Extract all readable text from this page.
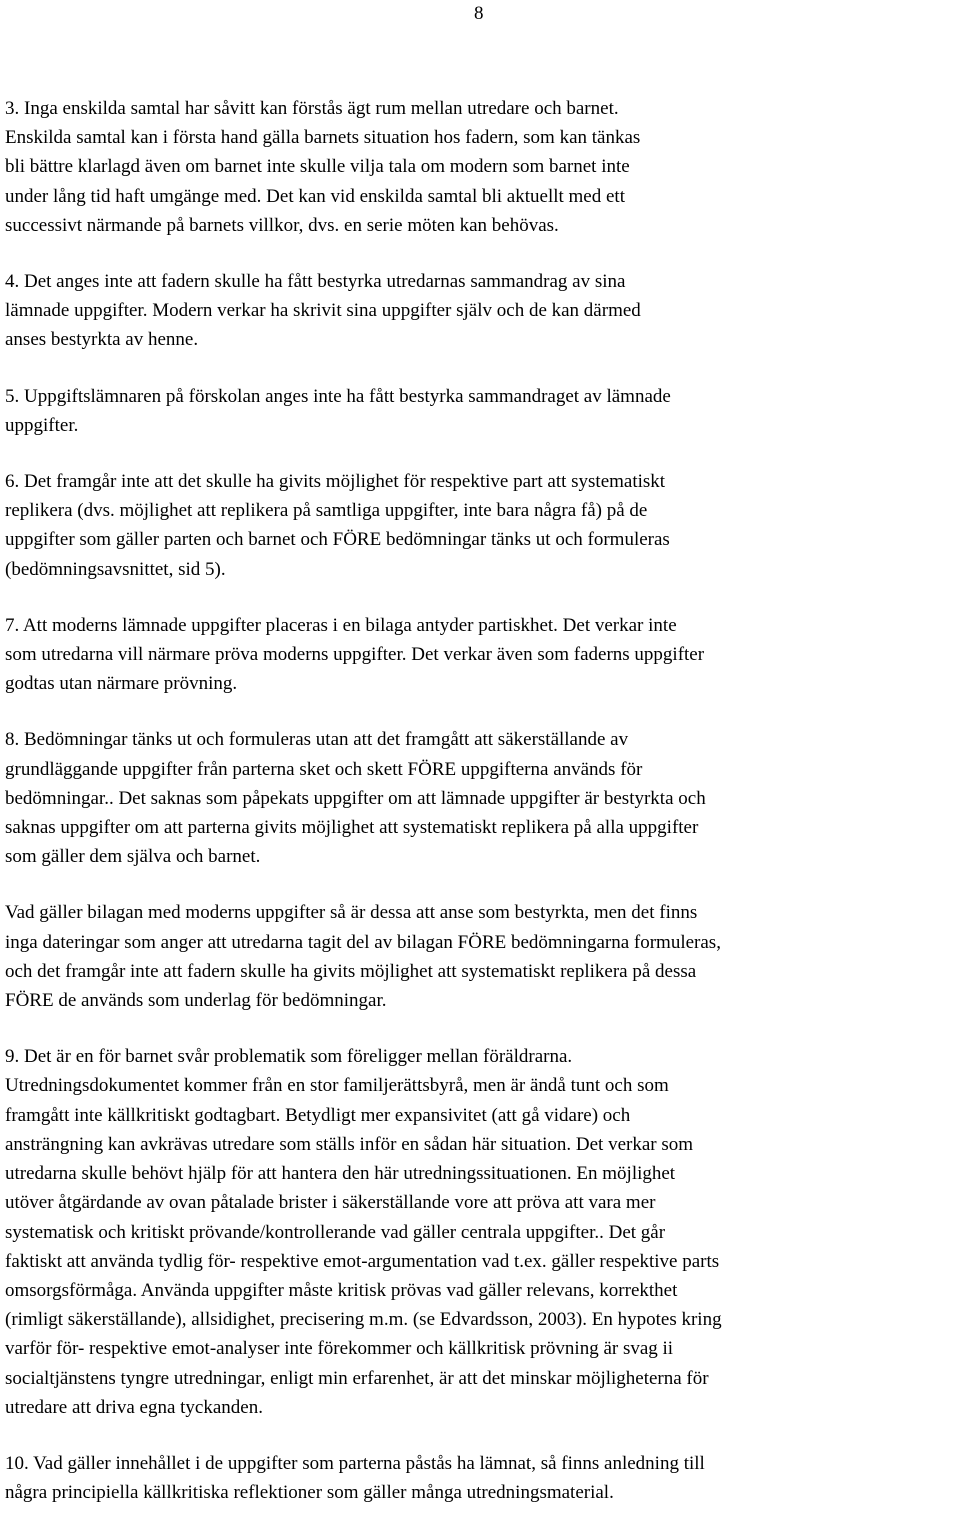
8

3. Inga enskilda samtal har såvitt kan förstås ägt rum mellan utredare och barnet.
Enskilda samtal kan i första hand gälla barnets situation hos fadern, som kan tänkas
bli bättre klarlagd även om barnet inte skulle vilja tala om modern som barnet inte
under lång tid haft umgänge med. Det kan vid enskilda samtal bli aktuellt med ett
successivt närmande på barnets villkor, dvs. en serie möten kan behövas.

4. Det anges inte att fadern skulle ha fått bestyrka utredarnas sammandrag av sina
lämnade uppgifter. Modern verkar ha skrivit sina uppgifter själv och de kan därmed
anses bestyrkta av henne.

5. Uppgiftslämnaren på förskolan anges inte ha fått bestyrka sammandraget av lämnade
uppgifter.

6. Det framgår inte att det skulle ha givits möjlighet för respektive part att systematiskt
replikera (dvs. möjlighet att replikera på samtliga uppgifter, inte bara några få) på de
uppgifter som gäller parten och barnet och FÖRE bedömningar tänks ut och formuleras
(bedömningsavsnittet, sid 5).

7. Att moderns lämnade uppgifter placeras i en bilaga antyder partiskhet. Det verkar inte
som utredarna vill närmare pröva moderns uppgifter. Det verkar även som faderns uppgifter
godtas utan närmare prövning.

8. Bedömningar tänks ut och formuleras utan att det framgått att säkerställande av
grundläggande uppgifter från parterna sket och skett FÖRE uppgifterna används för
bedömningar.. Det saknas som påpekats uppgifter om att lämnade uppgifter är bestyrkta och
saknas uppgifter om att parterna givits möjlighet att systematiskt replikera på alla uppgifter
som gäller dem själva och barnet.

Vad gäller bilagan med moderns uppgifter så är dessa att anse som bestyrkta, men det finns
inga dateringar som anger att utredarna tagit del av bilagan FÖRE bedömningarna formuleras,
och det framgår inte att fadern skulle ha givits möjlighet att systematiskt replikera på dessa
FÖRE de används som underlag för bedömningar.

9. Det är en för barnet svår problematik som föreligger mellan föräldrarna.
Utredningsdokumentet kommer från en stor familjerättsbyrå, men är ändå tunt och som
framgått inte källkritiskt godtagbart. Betydligt mer expansivitet (att gå vidare) och
ansträngning kan avkrävas utredare som ställs inför en sådan här situation. Det verkar som
utredarna skulle behövt hjälp för att hantera den här utredningssituationen. En möjlighet
utöver åtgärdande av ovan påtalade brister i säkerställande vore att pröva att vara mer
systematisk och kritiskt prövande/kontrollerande vad gäller centrala uppgifter.. Det går
faktiskt att använda tydlig för- respektive emot-argumentation vad t.ex. gäller respektive parts
omsorgsförmåga. Använda uppgifter måste kritisk prövas vad gäller relevans, korrekthet
(rimligt säkerställande), allsidighet, precisering m.m. (se Edvardsson, 2003). En hypotes kring
varför för- respektive emot-analyser inte förekommer och källkritisk prövning är svag ii
socialtjänstens tyngre utredningar, enligt min erfarenhet, är att det minskar möjligheterna för
utredare att driva egna tyckanden.

10. Vad gäller innehållet i de uppgifter som parterna påstås ha lämnat, så finns anledning till
några principiella källkritiska reflektioner som gäller många utredningsmaterial.
